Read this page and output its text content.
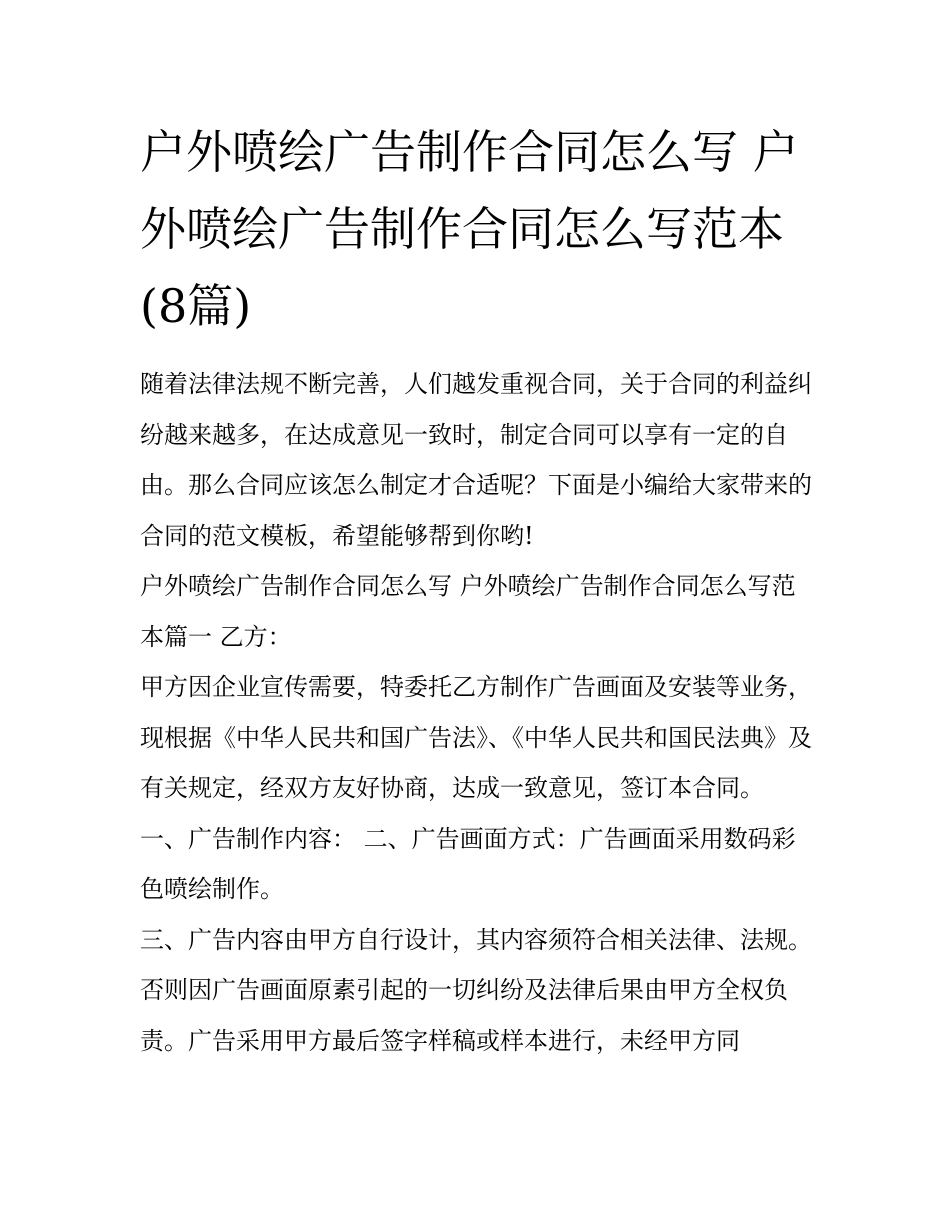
户外喷绘广告制作合同怎么写 户外喷绘广告制作合同怎么写范本(8篇)

随着法律法规不断完善，人们越发重视合同，关于合同的利益纠纷越来越多，在达成意见一致时，制定合同可以享有一定的自由。那么合同应该怎么制定才合适呢？下面是小编给大家带来的合同的范文模板，希望能够帮到你哟!

户外喷绘广告制作合同怎么写 户外喷绘广告制作合同怎么写范本篇一 乙方：

甲方因企业宣传需要，特委托乙方制作广告画面及安装等业务，现根据《中华人民共和国广告法》、《中华人民共和国民法典》及有关规定，经双方友好协商，达成一致意见，签订本合同。

一、广告制作内容： 二、广告画面方式：广告画面采用数码彩色喷绘制作。

三、广告内容由甲方自行设计，其内容须符合相关法律、法规。否则因广告画面原素引起的一切纠纷及法律后果由甲方全权负责。广告采用甲方最后签字样稿或样本进行，未经甲方同
